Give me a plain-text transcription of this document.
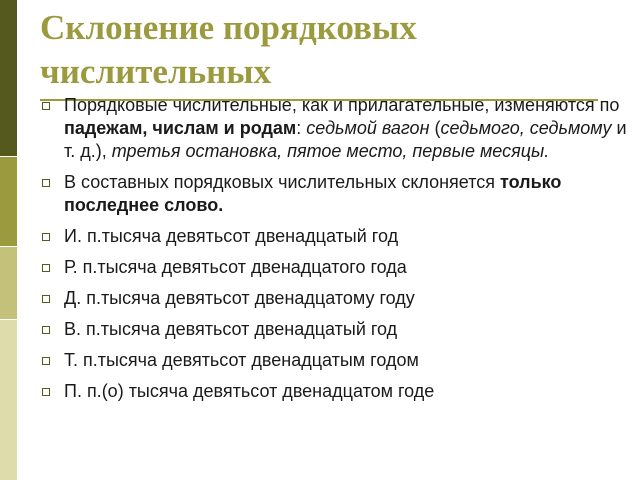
Склонение порядковых числительных
Порядковые числительные, как и прилагательные, изменяются по падежам, числам и родам: седьмой вагон (седьмого, седьмому и т. д.), третья остановка, пятое место, первые месяцы.
В составных порядковых числительных склоняется только последнее слово.
И. п.тысяча девятьсот двенадцатый год
Р. п.тысяча девятьсот двенадцатого года
Д. п.тысяча девятьсот двенадцатому году
В. п.тысяча девятьсот двенадцатый год
Т. п.тысяча девятьсот двенадцатым годом
П. п.(о) тысяча девятьсот двенадцатом годе
